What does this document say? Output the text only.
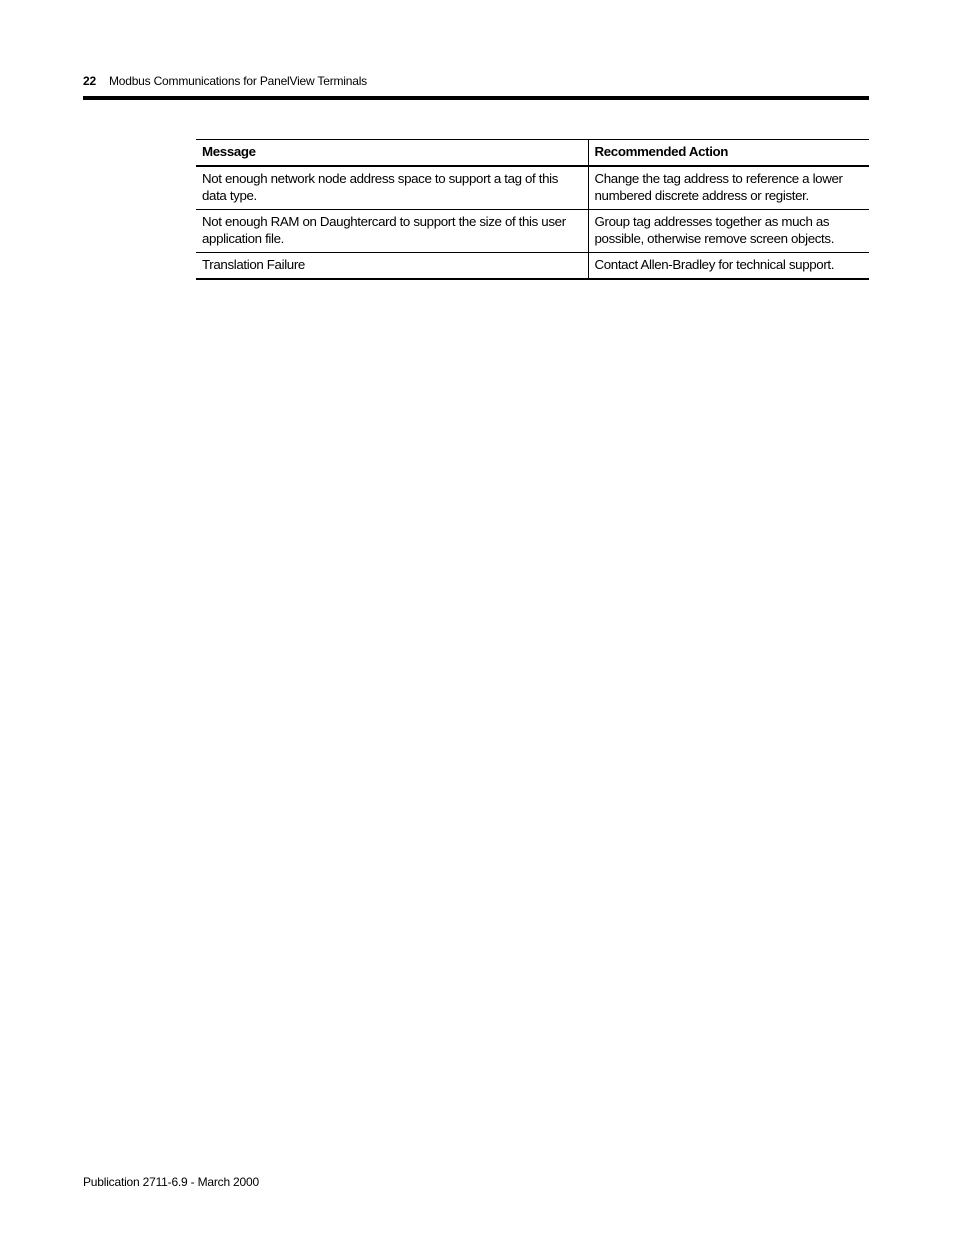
22 Modbus Communications for PanelView Terminals
Message	Recommended Action
Not enough network node address space to support a tag of this data type.	Change the tag address to reference a lower numbered discrete address or register.
Not enough RAM on Daughtercard to support the size of this user application file.	Group tag addresses together as much as possible, otherwise remove screen objects.
Translation Failure	Contact Allen-Bradley for technical support.
Publication 2711-6.9 - March 2000
